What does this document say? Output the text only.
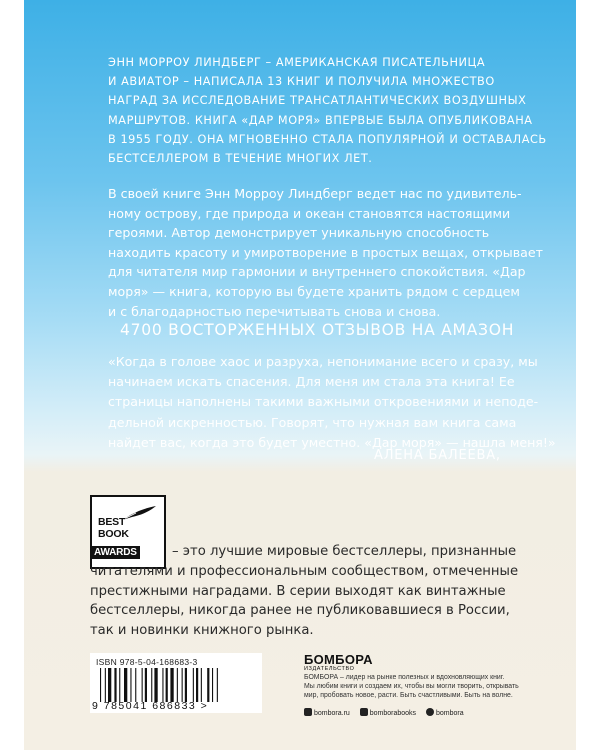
ЭНН МОРРОУ ЛИНДБЕРГ – АМЕРИКАНСКАЯ ПИСАТЕЛЬНИЦА
И АВИАТОР – НАПИСАЛА 13 КНИГ И ПОЛУЧИЛА МНОЖЕСТВО
НАГРАД ЗА ИССЛЕДОВАНИЕ ТРАНСАТЛАНТИЧЕСКИХ ВОЗДУШНЫХ
МАРШРУТОВ. КНИГА «ДАР МОРЯ» ВПЕРВЫЕ БЫЛА ОПУБЛИКОВАНА
В 1955 ГОДУ. ОНА МГНОВЕННО СТАЛА ПОПУЛЯРНОЙ И ОСТАВАЛАСЬ
БЕСТСЕЛЛЕРОМ В ТЕЧЕНИЕ МНОГИХ ЛЕТ.
В своей книге Энн Морроу Линдберг ведет нас по удивитель-
ному острову, где природа и океан становятся настоящими
героями. Автор демонстрирует уникальную способность
находить красоту и умиротворение в простых вещах, открывает
для читателя мир гармонии и внутреннего спокойствия. «Дар
моря» — книга, которую вы будете хранить рядом с сердцем
и с благодарностью перечитывать снова и снова.
4700 ВОСТОРЖЕННЫХ ОТЗЫВОВ НА АМАЗОН
«Когда в голове хаос и разруха, непонимание всего и сразу, мы
начинаем искать спасения. Для меня им стала эта книга! Ее
страницы наполнены такими важными откровениями и неподе-
дельной искренностью. Говорят, что нужная вам книга сама
найдет вас, когда это будет уместно. «Дар моря» — нашла меня!»
АЛЕНА БАЛЕЕВА,
BEST
BOOK
AWARDS	– это лучшие мировые бестселлеры, признанные
читателями и профессиональным сообществом, отмеченные
престижными наградами. В серии выходят как винтажные
бестселлеры, никогда ранее не публиковавшиеся в России,
так и новинки книжного рынка.
ISBN 978-5-04-168683-3
9 785041 686833 >
БОМБОРА
ИЗДАТЕЛЬСТВО
БОМБОРА – лидер на рынке полезных и вдохновляющих книг.
Мы любим книги и создаем их, чтобы вы могли творить, открывать
мир, пробовать новое, расти. Быть счастливыми. Быть на волне.
bombora.ru	bomborabooks	bombora
